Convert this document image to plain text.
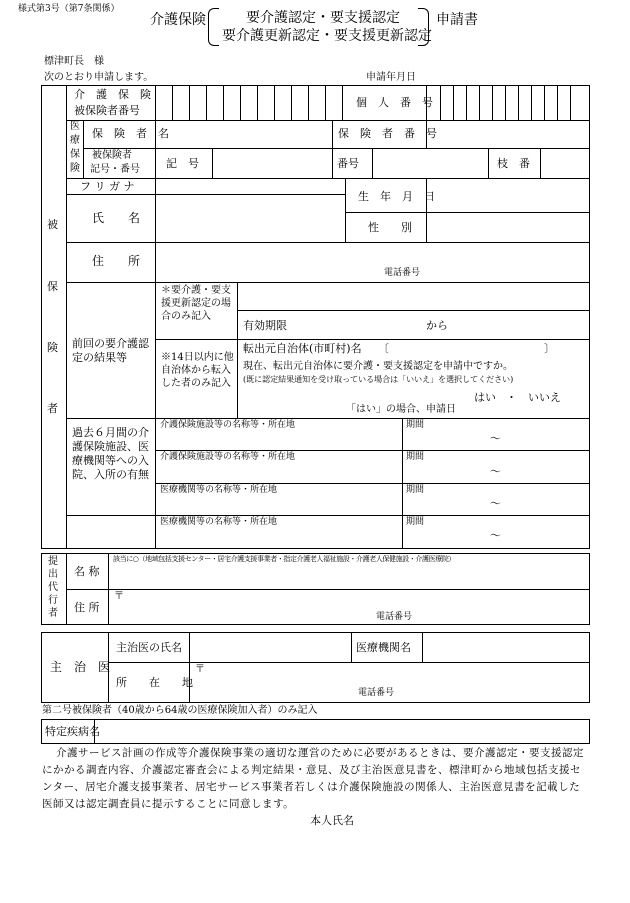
様式第3号（第7条関係）
介護保険	要介護認定・要支援認定
要介護更新認定・要支援更新認定
申請書
標津町長　様
次のとおり申請します。	申請年月日
被
保
険
者
介　護　保　険
被保険者番号
個　人　番　号
医
療
保
険
保　険　者　名	保　険　者　番　号
被保険者
記号・番号 記　号	番号	枝　番
フ リ ガ ナ
氏　　名
生　年　月　日
性　　別
住　　所
電話番号
前回の要介護認定の結果等
＊要介護・要支援更新認定の場合のみ記入
有効期限	から
※14日以内に他自治体から転入した者のみ記入
転出元自治体(市町村)名 〔	〕
現在、転出元自治体に要介護・要支援認定を申請中ですか。
(既に認定結果通知を受け取っている場合は「いいえ」を選択してください)
はい ・ いいえ
「はい」の場合、申請日
過去６月間の介護保険施設、医療機関等への入院、入所の有無
介護保険施設等の名称等・所在地	期間
～
介護保険施設等の名称等・所在地	期間
～
医療機関等の名称等・所在地	期間
～
医療機関等の名称等・所在地	期間
～
提
出
代
行
者
名 称
該当に○（地域包括支援センター・居宅介護支援事業者・指定介護老人福祉施設・介護老人保健施設・介護医療院）
住 所
〒
電話番号
主　治　医
主治医の氏名	医療機関名
所　　在　　地
〒
電話番号
第二号被保険者（40歳から64歳の医療保険加入者）のみ記入
特定疾病名
介護サービス計画の作成等介護保険事業の適切な運営のために必要があるときは、要介護認定・要支援認定にかかる調査内容、介護認定審査会による判定結果・意見、及び主治医意見書を、標津町から地域包括支援センター、居宅介護支援事業者、居宅サービス事業者若しくは介護保険施設の関係人、主治医意見書を記載した医師又は認定調査員に提示することに同意します。
本人氏名
